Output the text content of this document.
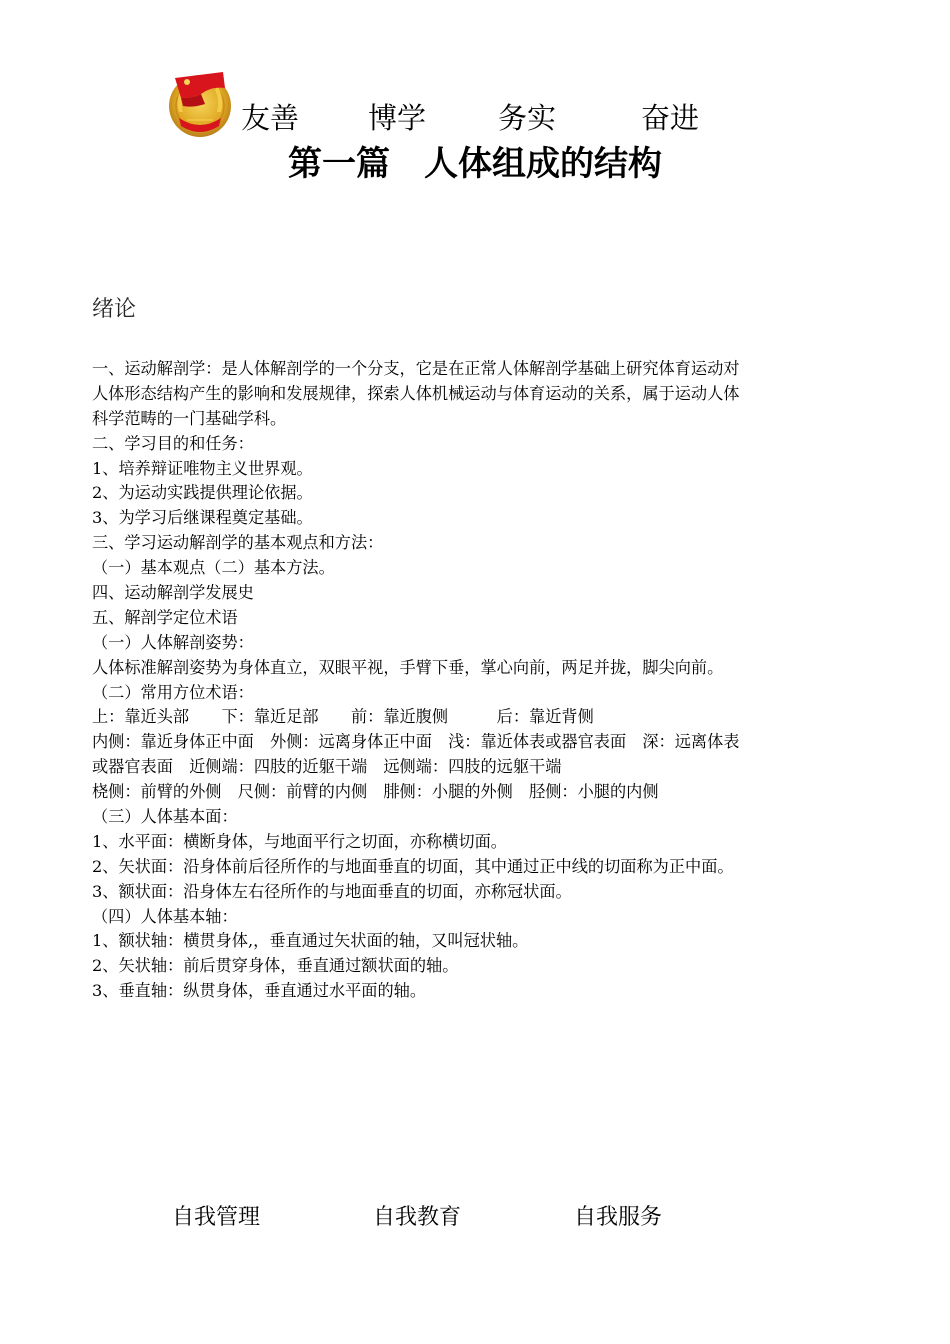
友善 博学 务实	奋进
第一篇　人体组成的结构
绪论
一、运动解剖学：是人体解剖学的一个分支，它是在正常人体解剖学基础上研究体育运动对
人体形态结构产生的影响和发展规律，探索人体机械运动与体育运动的关系，属于运动人体
科学范畴的一门基础学科。
二、学习目的和任务：
1、培养辩证唯物主义世界观。
2、为运动实践提供理论依据。
3、为学习后继课程奠定基础。
三、学习运动解剖学的基本观点和方法：
（一）基本观点（二）基本方法。
四、运动解剖学发展史
五、解剖学定位术语
（一）人体解剖姿势：
人体标准解剖姿势为身体直立，双眼平视，手臂下垂，掌心向前，两足并拢，脚尖向前。
（二）常用方位术语：
上：靠近头部　　下：靠近足部　　前：靠近腹侧　　　后：靠近背侧
内侧：靠近身体正中面　外侧：远离身体正中面　浅：靠近体表或器官表面　深：远离体表
或器官表面　近侧端：四肢的近躯干端　远侧端：四肢的远躯干端
桡侧：前臂的外侧　尺侧：前臂的内侧　腓侧：小腿的外侧　胫侧：小腿的内侧
（三）人体基本面：
1、水平面：横断身体，与地面平行之切面，亦称横切面。
2、矢状面：沿身体前后径所作的与地面垂直的切面，其中通过正中线的切面称为正中面。
3、额状面：沿身体左右径所作的与地面垂直的切面，亦称冠状面。
（四）人体基本轴：
1、额状轴：横贯身体,，垂直通过矢状面的轴，又叫冠状轴。
2、矢状轴：前后贯穿身体，垂直通过额状面的轴。
3、垂直轴：纵贯身体，垂直通过水平面的轴。
自我管理	自我教育	自我服务
